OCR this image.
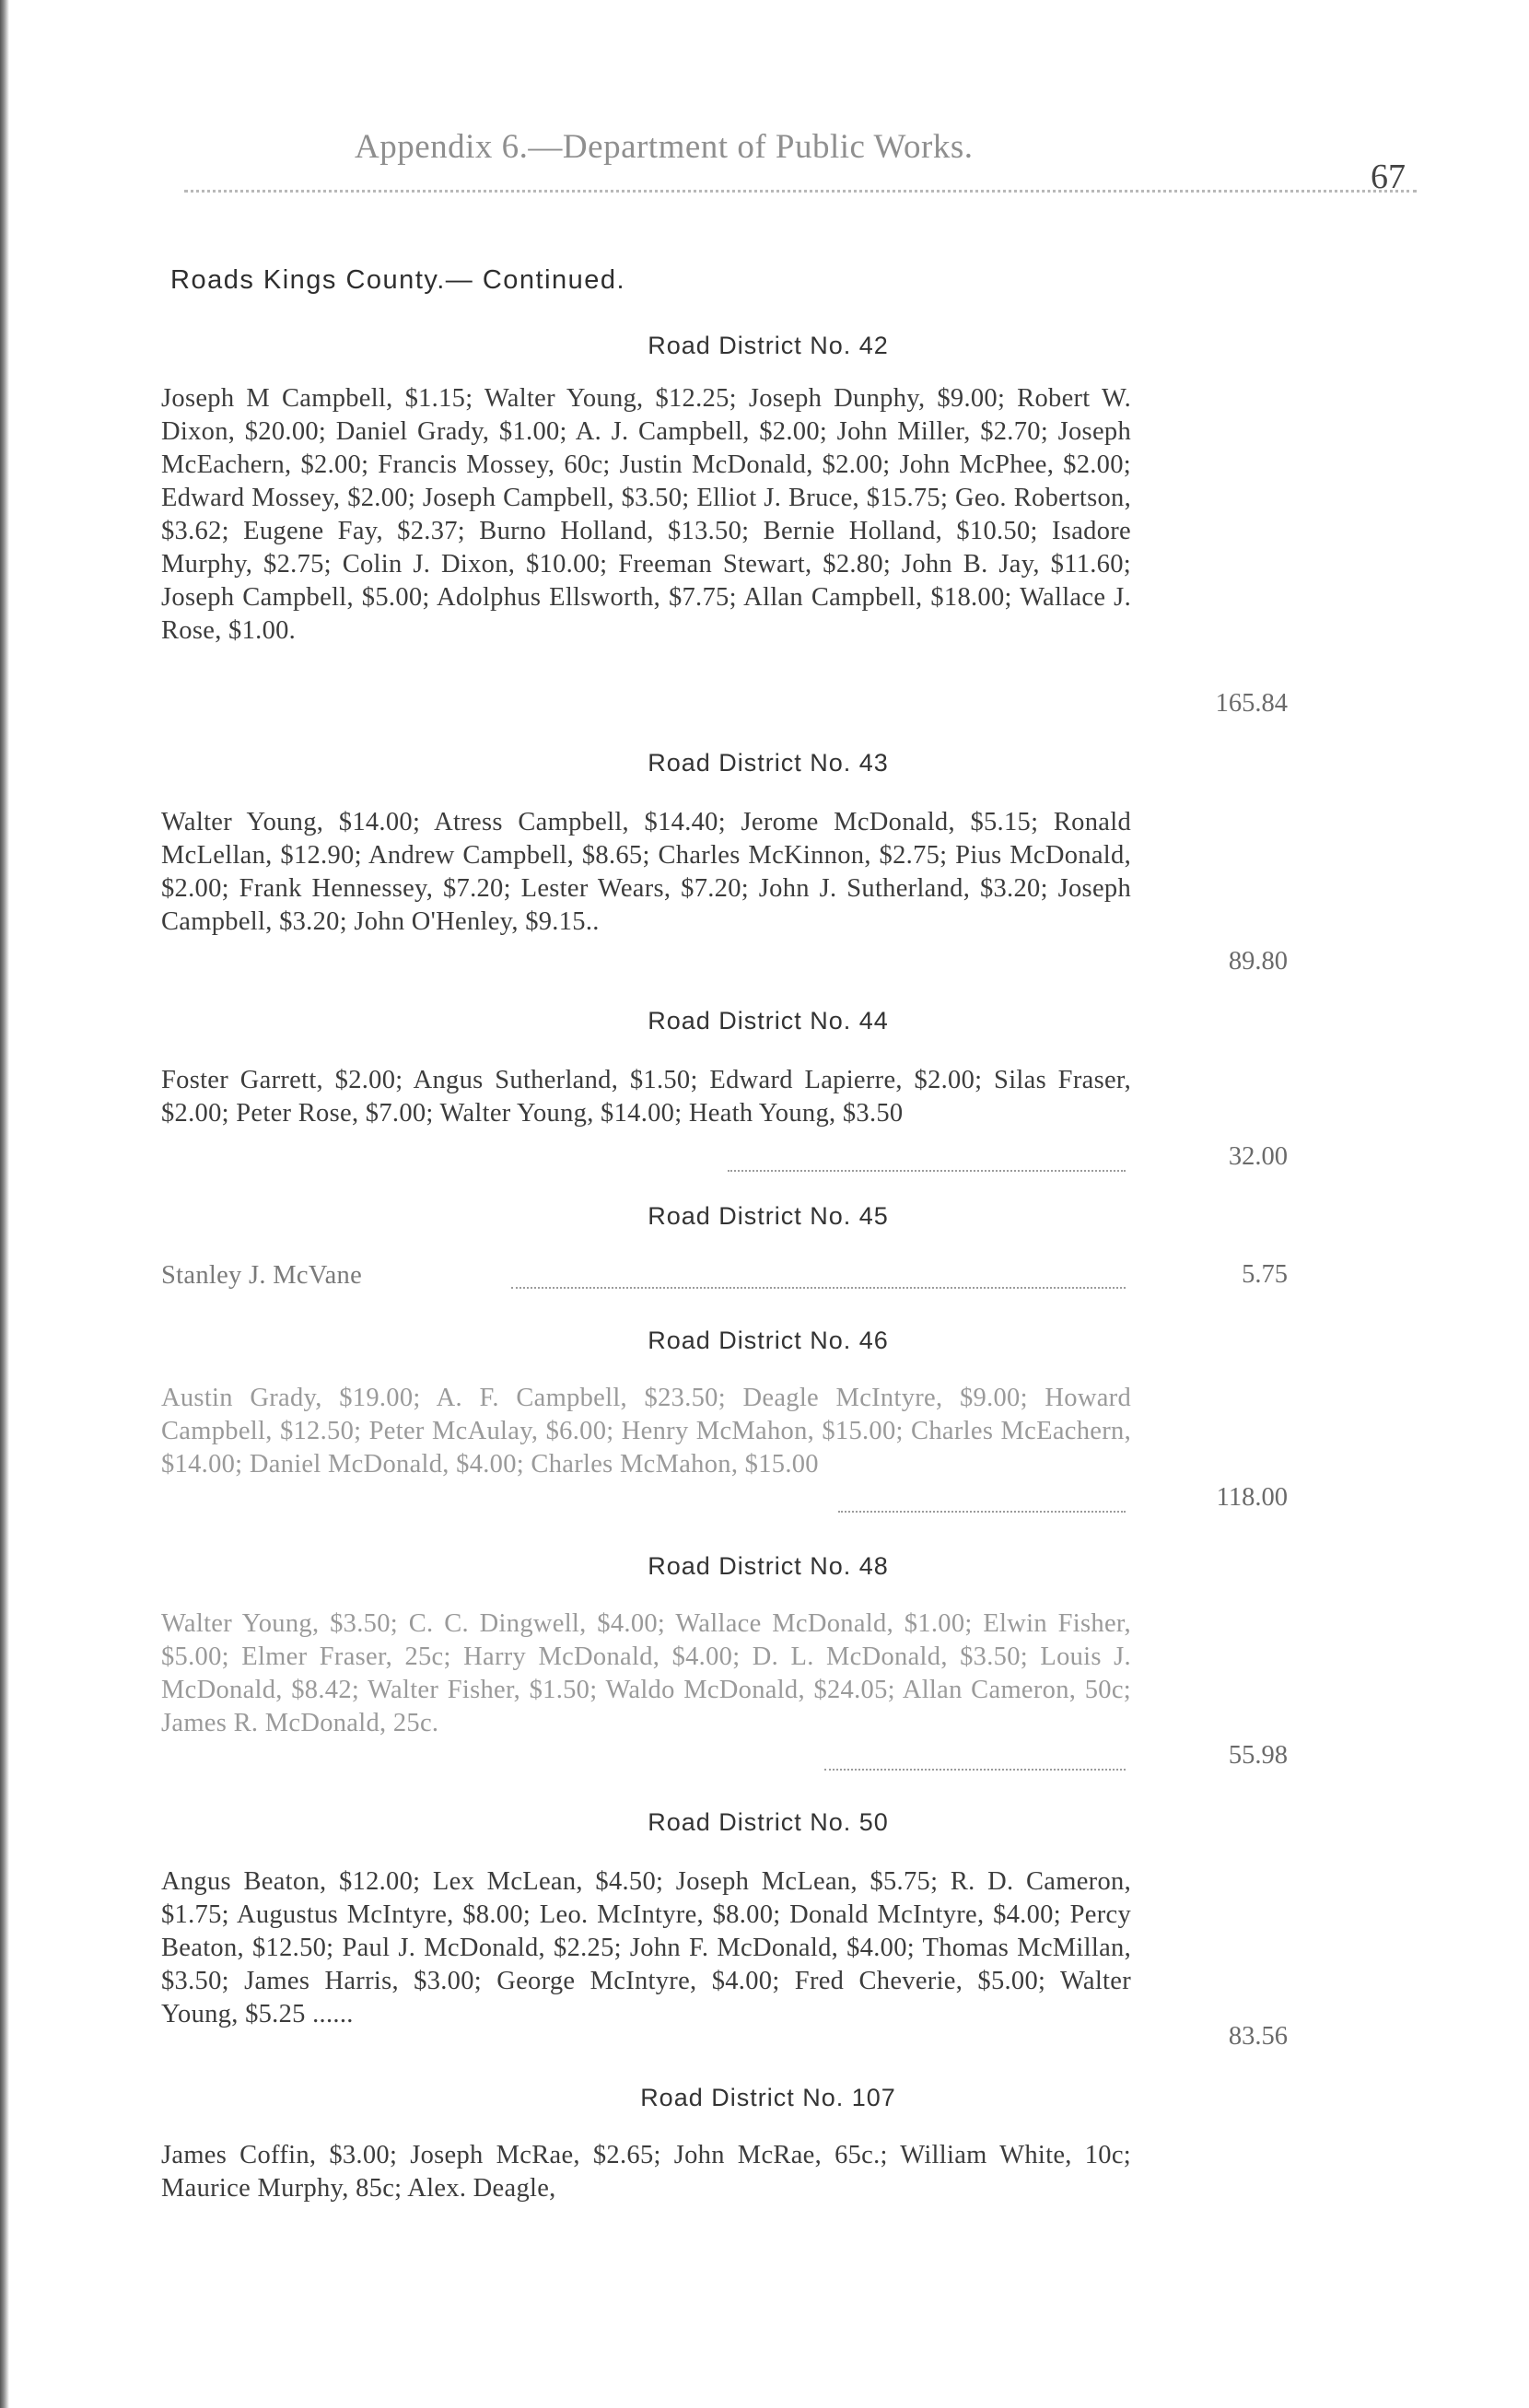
Appendix 6.—Department of Public Works.
67
Roads Kings County.— Continued.
Road District No. 42
Joseph M Campbell, $1.15; Walter Young, $12.25; Joseph Dunphy, $9.00; Robert W. Dixon, $20.00; Daniel Grady, $1.00; A. J. Campbell, $2.00; John Miller, $2.70; Joseph McEachern, $2.00; Francis Mossey, 60c; Justin McDonald, $2.00; John McPhee, $2.00; Edward Mossey, $2.00; Joseph Campbell, $3.50; Elliot J. Bruce, $15.75; Geo. Robertson, $3.62; Eugene Fay, $2.37; Burno Holland, $13.50; Bernie Holland, $10.50; Isadore Murphy, $2.75; Colin J. Dixon, $10.00; Freeman Stewart, $2.80; John B. Jay, $11.60; Joseph Campbell, $5.00; Adolphus Ellsworth, $7.75; Allan Campbell, $18.00; Wallace J. Rose, $1.00.
165.84
Road District No. 43
Walter Young, $14.00; Atress Campbell, $14.40; Jerome McDonald, $5.15; Ronald McLellan, $12.90; Andrew Campbell, $8.65; Charles McKinnon, $2.75; Pius McDonald, $2.00; Frank Hennessey, $7.20; Lester Wears, $7.20; John J. Sutherland, $3.20; Joseph Campbell, $3.20; John O'Henley, $9.15..
89.80
Road District No. 44
Foster Garrett, $2.00; Angus Sutherland, $1.50; Edward Lapierre, $2.00; Silas Fraser, $2.00; Peter Rose, $7.00; Walter Young, $14.00; Heath Young, $3.50
32.00
Road District No. 45
Stanley J. McVane	5.75
Road District No. 46
Austin Grady, $19.00; A. F. Campbell, $23.50; Deagle McIntyre, $9.00; Howard Campbell, $12.50; Peter McAulay, $6.00; Henry McMahon, $15.00; Charles McEachern, $14.00; Daniel McDonald, $4.00; Charles McMahon, $15.00
118.00
Road District No. 48
Walter Young, $3.50; C. C. Dingwell, $4.00; Wallace McDonald, $1.00; Elwin Fisher, $5.00; Elmer Fraser, 25c; Harry McDonald, $4.00; D. L. McDonald, $3.50; Louis J. McDonald, $8.42; Walter Fisher, $1.50; Waldo McDonald, $24.05; Allan Cameron, 50c; James R. McDonald, 25c.
55.98
Road District No. 50
Angus Beaton, $12.00; Lex McLean, $4.50; Joseph McLean, $5.75; R. D. Cameron, $1.75; Augustus McIntyre, $8.00; Leo. McIntyre, $8.00; Donald McIntyre, $4.00; Percy Beaton, $12.50; Paul J. McDonald, $2.25; John F. McDonald, $4.00; Thomas McMillan, $3.50; James Harris, $3.00; George McIntyre, $4.00; Fred Cheverie, $5.00; Walter Young, $5.25 ......
83.56
Road District No. 107
James Coffin, $3.00; Joseph McRae, $2.65; John McRae, 65c.; William White, 10c; Maurice Murphy, 85c; Alex. Deagle,
